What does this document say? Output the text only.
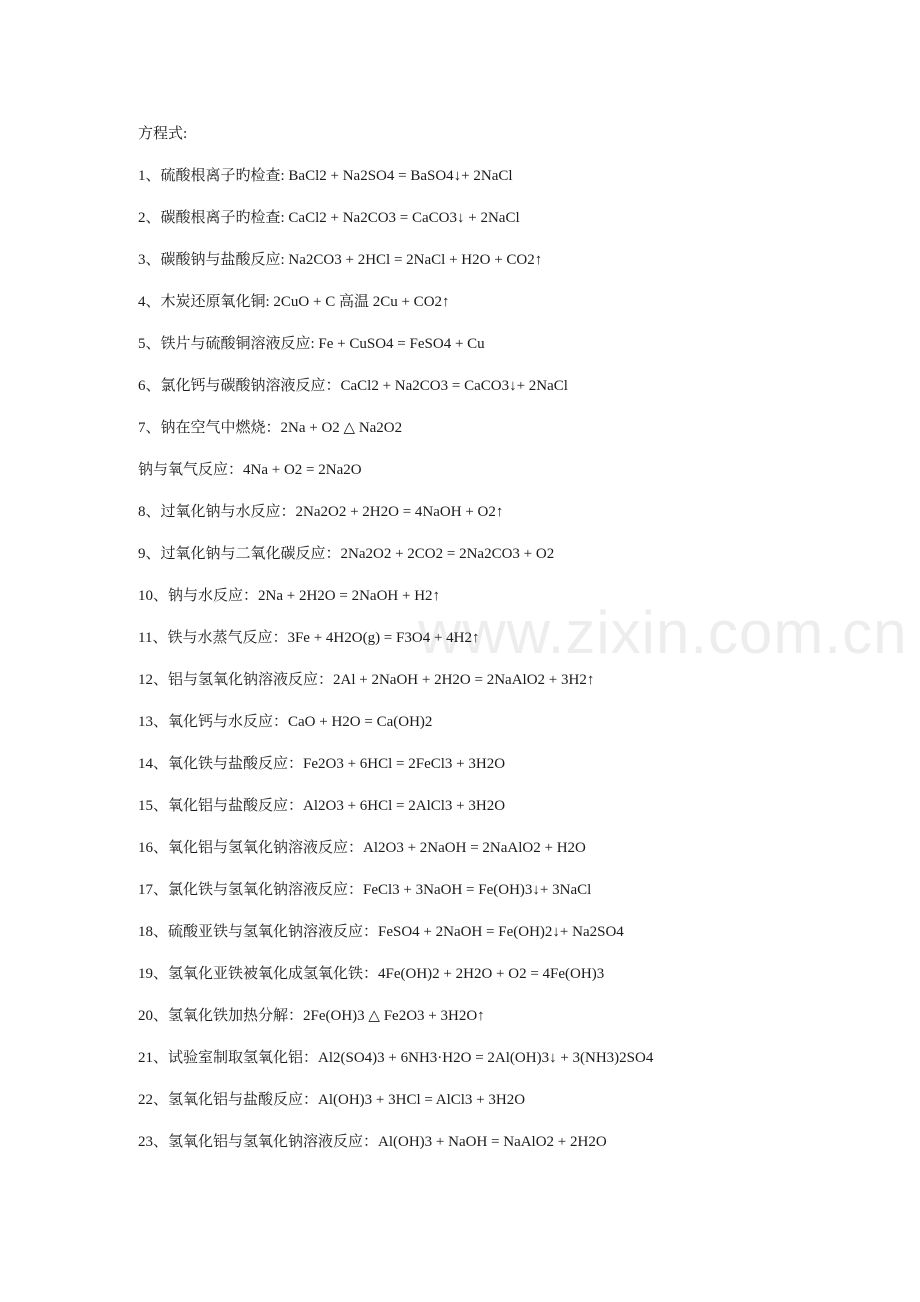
方程式:
1、硫酸根离子旳检查: BaCl2 + Na2SO4 = BaSO4↓+ 2NaCl
2、碳酸根离子旳检查: CaCl2 + Na2CO3 = CaCO3↓ + 2NaCl
3、碳酸钠与盐酸反应: Na2CO3 + 2HCl = 2NaCl + H2O + CO2↑
4、木炭还原氧化铜: 2CuO + C 高温 2Cu + CO2↑
5、铁片与硫酸铜溶液反应: Fe + CuSO4 = FeSO4 + Cu
6、氯化钙与碳酸钠溶液反应：CaCl2 + Na2CO3 = CaCO3↓+ 2NaCl
7、钠在空气中燃烧：2Na + O2 △ Na2O2
钠与氧气反应：4Na + O2 = 2Na2O
8、过氧化钠与水反应：2Na2O2 + 2H2O = 4NaOH + O2↑
9、过氧化钠与二氧化碳反应：2Na2O2 + 2CO2 = 2Na2CO3 + O2
10、钠与水反应：2Na + 2H2O = 2NaOH + H2↑
11、铁与水蒸气反应：3Fe + 4H2O(g) = F3O4 + 4H2↑
12、铝与氢氧化钠溶液反应：2Al + 2NaOH + 2H2O = 2NaAlO2 + 3H2↑
13、氧化钙与水反应：CaO + H2O = Ca(OH)2
14、氧化铁与盐酸反应：Fe2O3 + 6HCl = 2FeCl3 + 3H2O
15、氧化铝与盐酸反应：Al2O3 + 6HCl = 2AlCl3 + 3H2O
16、氧化铝与氢氧化钠溶液反应：Al2O3 + 2NaOH = 2NaAlO2 + H2O
17、氯化铁与氢氧化钠溶液反应：FeCl3 + 3NaOH = Fe(OH)3↓+ 3NaCl
18、硫酸亚铁与氢氧化钠溶液反应：FeSO4 + 2NaOH = Fe(OH)2↓+ Na2SO4
19、氢氧化亚铁被氧化成氢氧化铁：4Fe(OH)2 + 2H2O + O2 = 4Fe(OH)3
20、氢氧化铁加热分解：2Fe(OH)3 △ Fe2O3 + 3H2O↑
21、试验室制取氢氧化铝：Al2(SO4)3 + 6NH3·H2O = 2Al(OH)3↓ + 3(NH3)2SO4
22、氢氧化铝与盐酸反应：Al(OH)3 + 3HCl = AlCl3 + 3H2O
23、氢氧化铝与氢氧化钠溶液反应：Al(OH)3 + NaOH = NaAlO2 + 2H2O
www.zixin.com.cn
